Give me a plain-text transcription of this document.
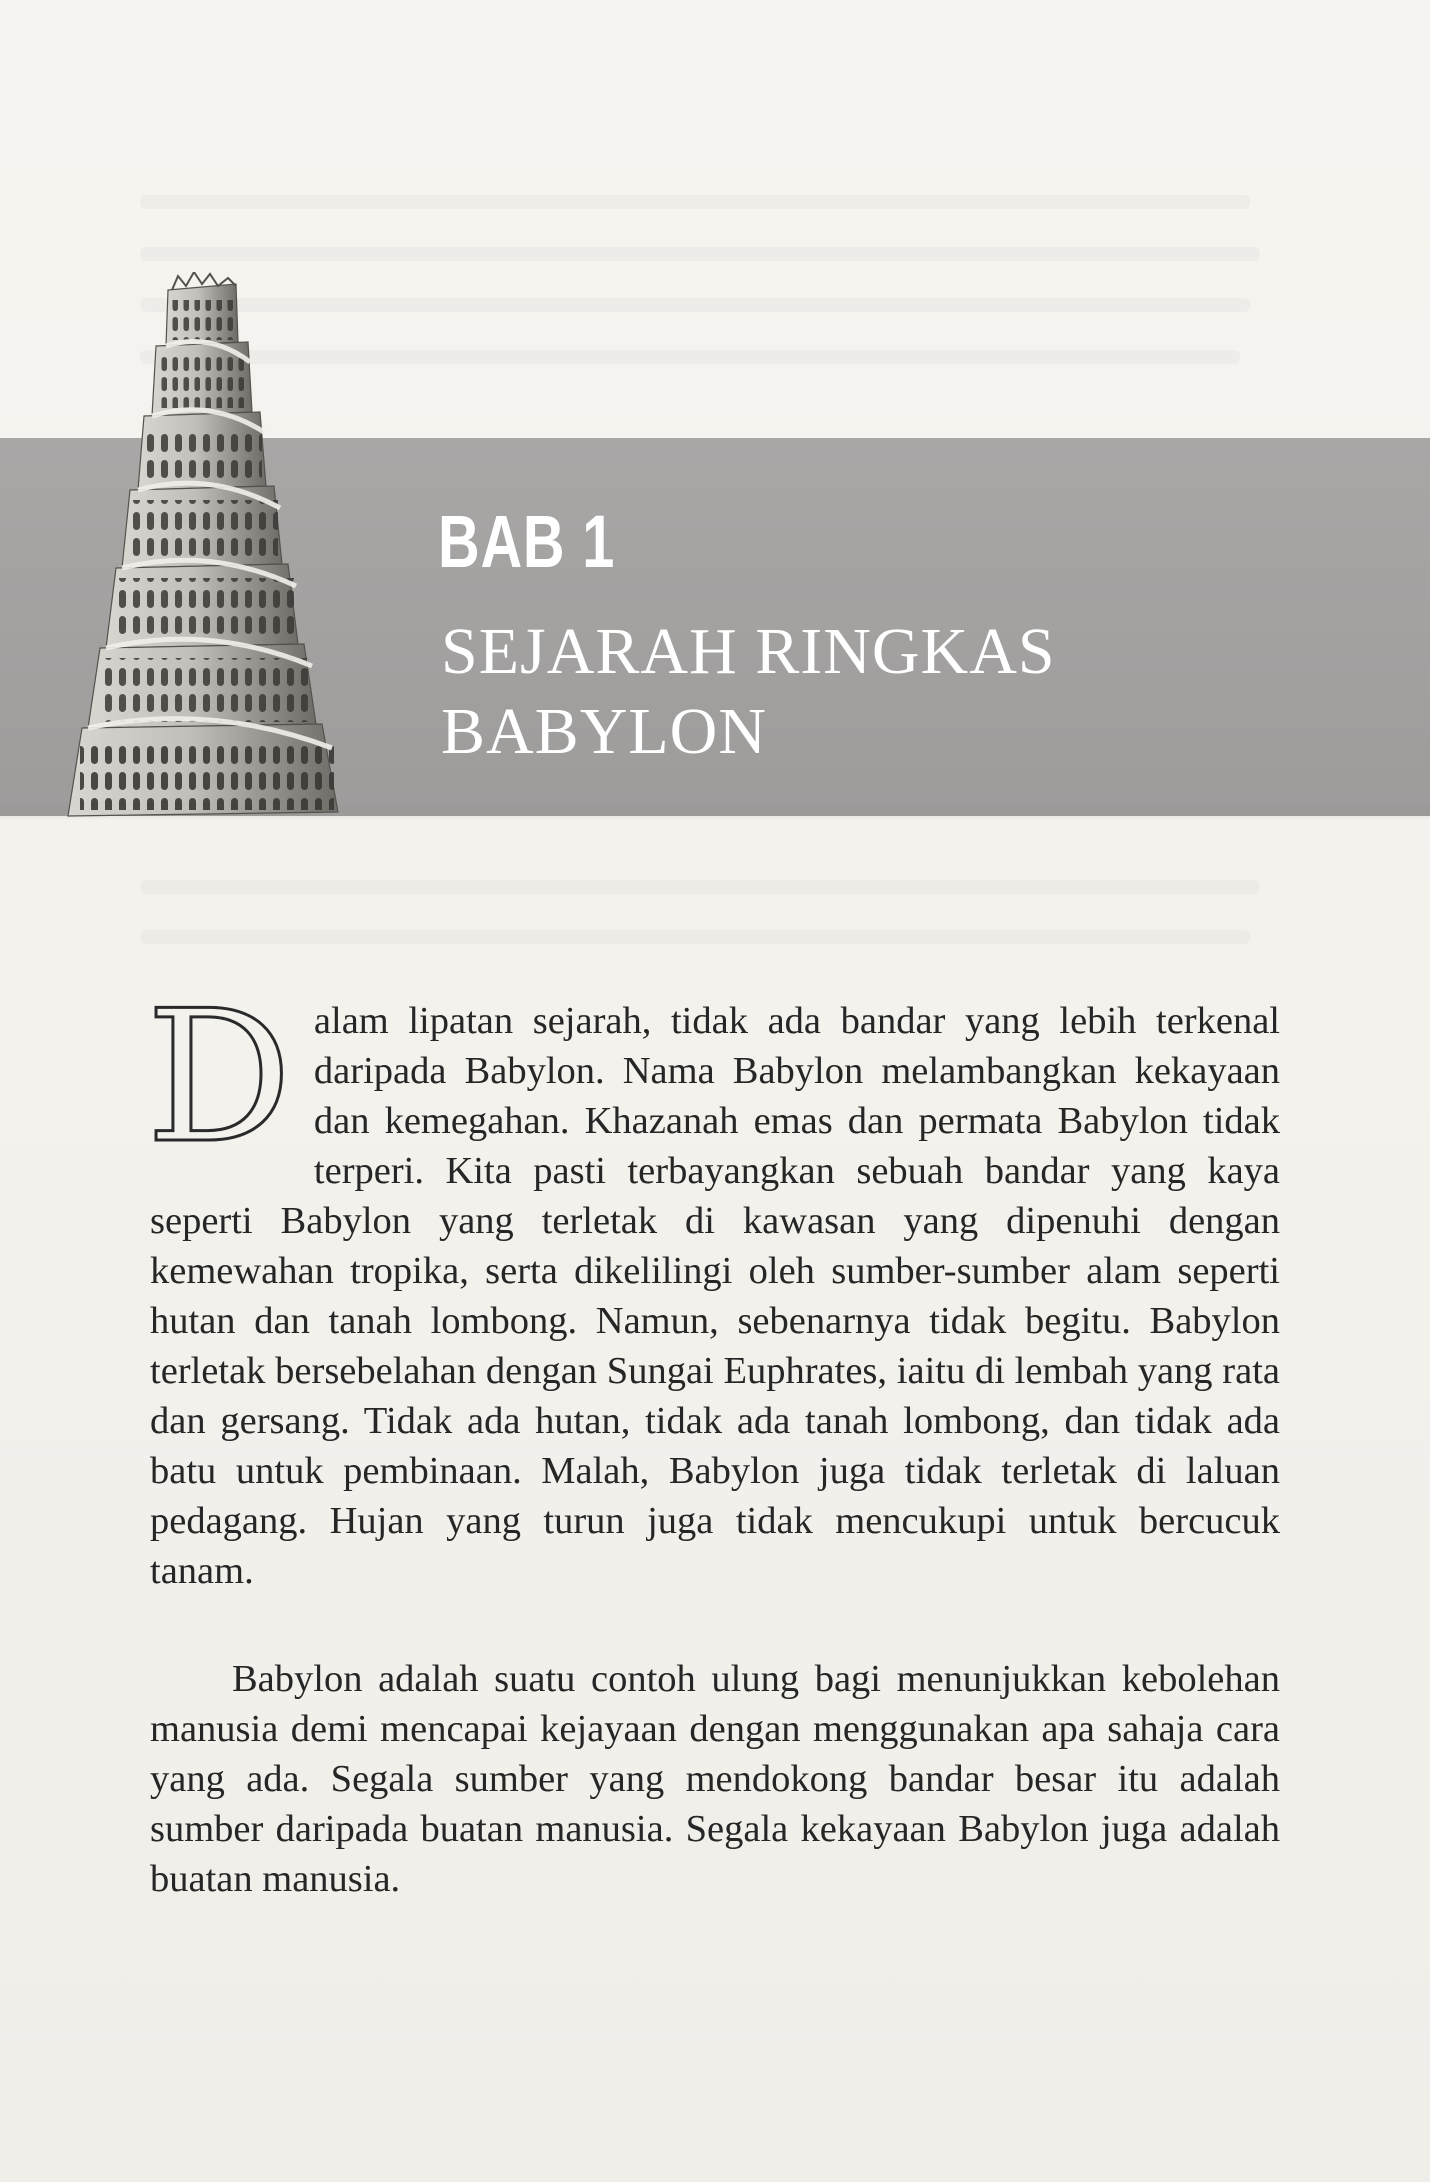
BAB 1
SEJARAH RINGKAS
BABYLON

Dalam lipatan sejarah, tidak ada bandar yang lebih terkenal daripada Babylon. Nama Babylon melambangkan kekayaan dan kemegahan. Khazanah emas dan permata Babylon tidak terperi. Kita pasti terbayangkan sebuah bandar yang kaya seperti Babylon yang terletak di kawasan yang dipenuhi dengan kemewahan tropika, serta dikelilingi oleh sumber-sumber alam seperti hutan dan tanah lombong. Namun, sebenarnya tidak begitu. Babylon terletak bersebelahan dengan Sungai Euphrates, iaitu di lembah yang rata dan gersang. Tidak ada hutan, tidak ada tanah lombong, dan tidak ada batu untuk pembinaan. Malah, Babylon juga tidak terletak di laluan pedagang. Hujan yang turun juga tidak mencukupi untuk bercucuk tanam.

Babylon adalah suatu contoh ulung bagi menunjukkan kebolehan manusia demi mencapai kejayaan dengan menggunakan apa sahaja cara yang ada. Segala sumber yang mendokong bandar besar itu adalah sumber daripada buatan manusia. Segala kekayaan Babylon juga adalah buatan manusia.
